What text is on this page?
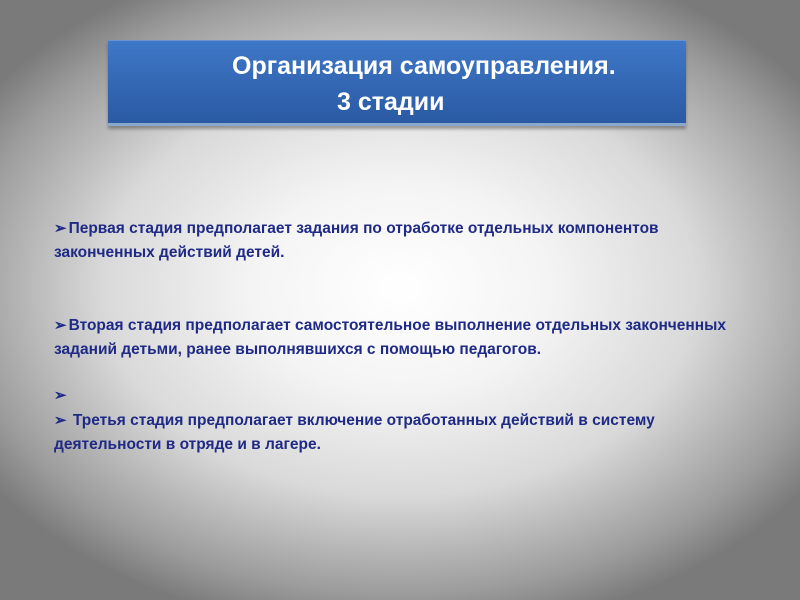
Организация самоуправления.
3 стадии
➢ Первая стадия предполагает задания по отработке отдельных компонентов законченных действий детей.
➢ Вторая стадия предполагает самостоятельное выполнение отдельных законченных заданий детьми, ранее выполнявшихся с помощью педагогов.
➢
➢ Третья стадия предполагает включение отработанных действий в систему деятельности в отряде и в лагере.
